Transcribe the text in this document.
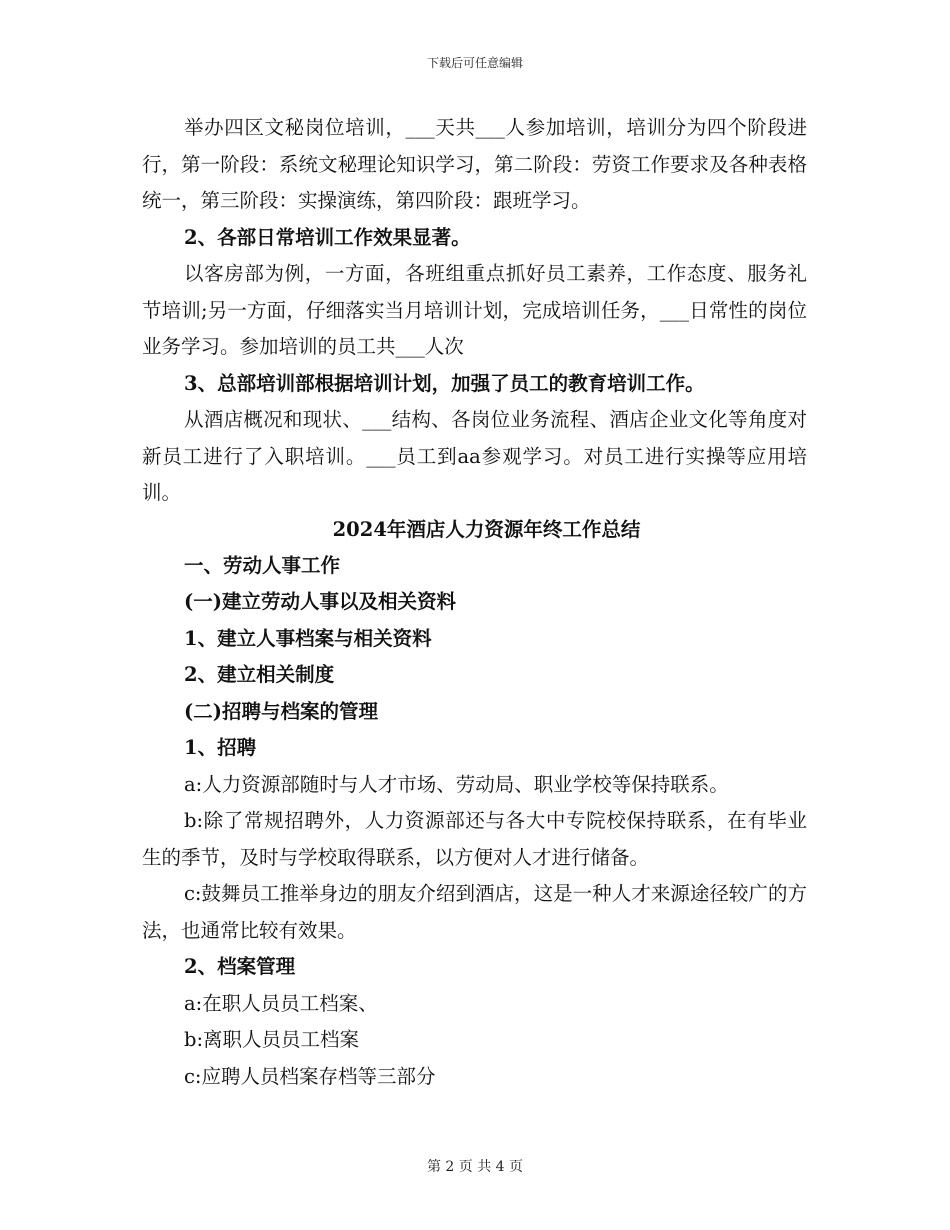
下载后可任意编辑

举办四区文秘岗位培训，___天共___人参加培训，培训分为四个阶段进行，第一阶段：系统文秘理论知识学习，第二阶段：劳资工作要求及各种表格统一，第三阶段：实操演练，第四阶段：跟班学习。

2、各部日常培训工作效果显著。

以客房部为例，一方面，各班组重点抓好员工素养，工作态度、服务礼节培训;另一方面，仔细落实当月培训计划，完成培训任务，___日常性的岗位业务学习。参加培训的员工共___人次

3、总部培训部根据培训计划，加强了员工的教育培训工作。

从酒店概况和现状、___结构、各岗位业务流程、酒店企业文化等角度对新员工进行了入职培训。___员工到aa参观学习。对员工进行实操等应用培训。

2024年酒店人力资源年终工作总结

一、劳动人事工作

(一)建立劳动人事以及相关资料

1、建立人事档案与相关资料

2、建立相关制度

(二)招聘与档案的管理

1、招聘

a:人力资源部随时与人才市场、劳动局、职业学校等保持联系。

b:除了常规招聘外，人力资源部还与各大中专院校保持联系，在有毕业生的季节，及时与学校取得联系，以方便对人才进行储备。

c:鼓舞员工推举身边的朋友介绍到酒店，这是一种人才来源途径较广的方法，也通常比较有效果。

2、档案管理

a:在职人员员工档案、

b:离职人员员工档案

c:应聘人员档案存档等三部分

第 2 页 共 4 页
